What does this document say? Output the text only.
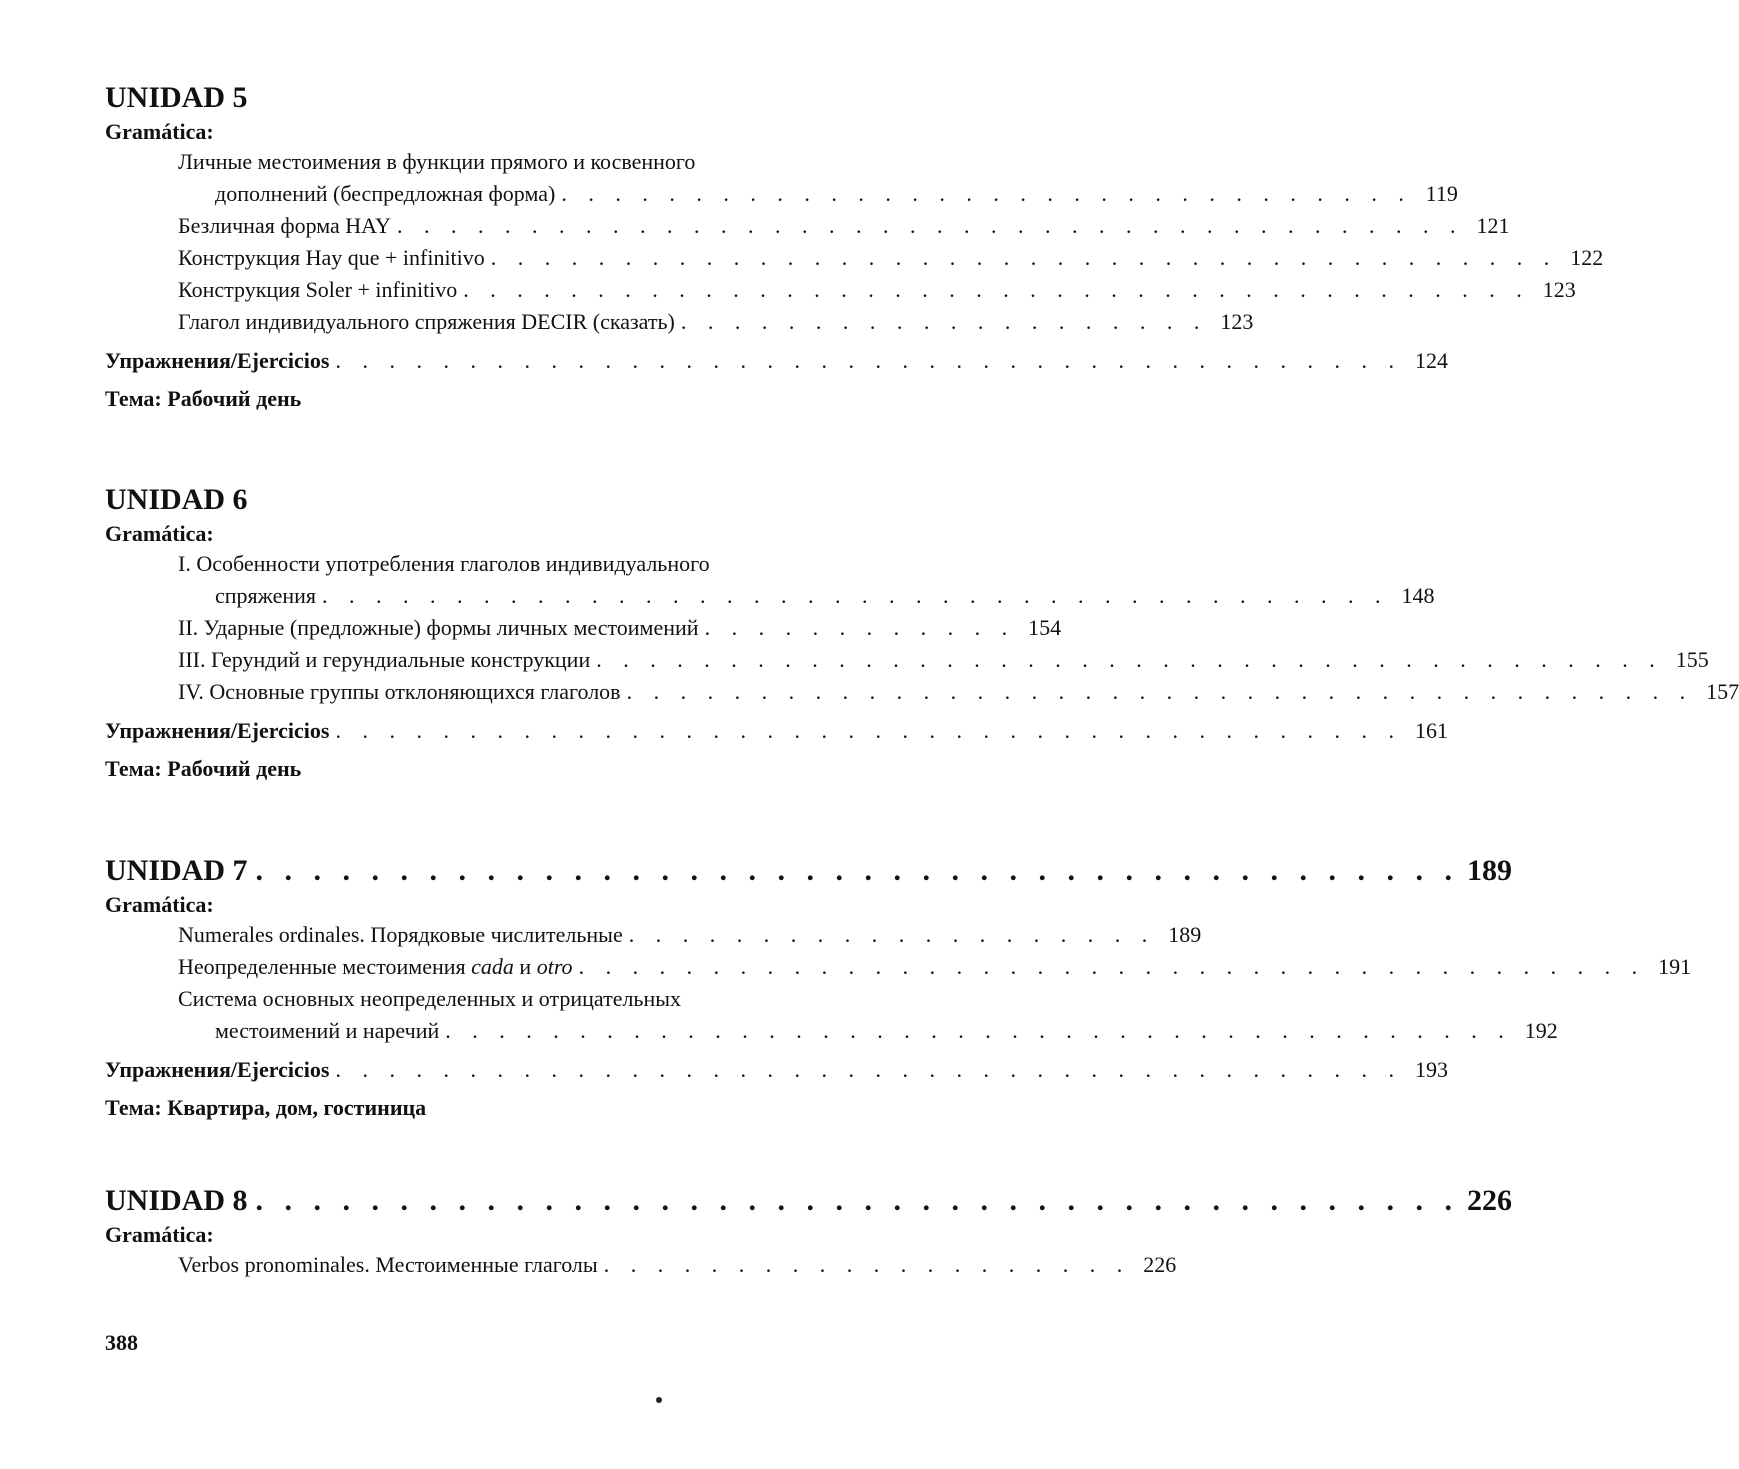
UNIDAD 5
Gramática:
Личные местоимения в функции прямого и косвенного
дополнений (беспредложная форма) . . . . . . . . . . . . . . . . . . . . . . . . . . . . . . . . 119
Безличная форма HAY . . . . . . . . . . . . . . . . . . . . . . . . . . . . . . . . . . . . . . . . 121
Конструкция Hay que + infinitivo . . . . . . . . . . . . . . . . . . . . . . . . . . . . . . . . . . . . . . . . 122
Конструкция Soler + infinitivo . . . . . . . . . . . . . . . . . . . . . . . . . . . . . . . . . . . . . . . . 123
Глагол индивидуального спряжения DECIR (сказать) . . . . . . . . . . . . . . . . . . . . 123
Упражнения/Ejercicios . . . . . . . . . . . . . . . . . . . . . . . . . . . . . . . . . . . . . . . . 124
Тема: Рабочий день
UNIDAD 6
Gramática:
I. Особенности употребления глаголов индивидуального
спряжения . . . . . . . . . . . . . . . . . . . . . . . . . . . . . . . . . . . . . . . . 148
II. Ударные (предложные) формы личных местоимений . . . . . . . . . . . . 154
III. Герундий и герундиальные конструкции . . . . . . . . . . . . . . . . . . . . . . . . . . . . . . . . . . . . . . . . 155
IV. Основные группы отклоняющихся глаголов . . . . . . . . . . . . . . . . . . . . . . . . . . . . . . . . . . . . . . . . 157
Упражнения/Ejercicios . . . . . . . . . . . . . . . . . . . . . . . . . . . . . . . . . . . . . . . . 161
Тема: Рабочий день
UNIDAD 7 . . . . . . . . . . . . . . . . . . . . . . . . . . . . . . . . . . . . . . . . . . 189
Gramática:
Numerales ordinales. Порядковые числительные . . . . . . . . . . . . . . . . . . . . 189
Неопределенные местоимения cada и otro . . . . . . . . . . . . . . . . . . . . . . . . . . . . . . . . . . . . . . . . 191
Система основных неопределенных и отрицательных
местоимений и наречий . . . . . . . . . . . . . . . . . . . . . . . . . . . . . . . . . . . . . . . . 192
Упражнения/Ejercicios . . . . . . . . . . . . . . . . . . . . . . . . . . . . . . . . . . . . . . . . 193
Тема: Квартира, дом, гостиница
UNIDAD 8 . . . . . . . . . . . . . . . . . . . . . . . . . . . . . . . . . . . . . . . . . . 226
Gramática:
Verbos pronominales. Местоименные глаголы . . . . . . . . . . . . . . . . . . . . 226
388
